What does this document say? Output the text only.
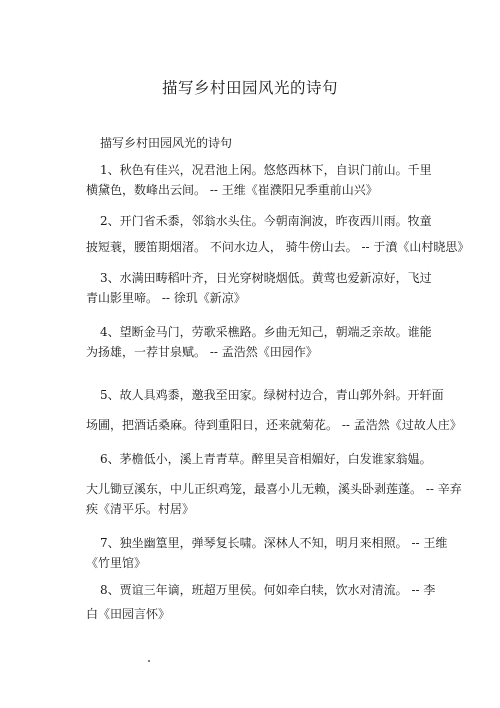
描写乡村田园风光的诗句
描写乡村田园风光的诗句
1、秋色有佳兴，况君池上闲。悠悠西林下，自识门前山。千里
横黛色，数峰出云间。 -- 王维《崔濮阳兄季重前山兴》
2、开门省禾黍，邻翁水头住。今朝南涧波，昨夜西川雨。牧童
披短蓑，腰笛期烟渚。 不问水边人， 骑牛傍山去。 -- 于濆《山村晓思》
3、水满田畴稻叶齐，日光穿树晓烟低。黄莺也爱新凉好，飞过
青山影里啼。 -- 徐玑《新凉》
4、望断金马门，劳歌采樵路。乡曲无知己，朝端乏亲故。谁能
为扬雄，一荐甘泉赋。 -- 孟浩然《田园作》
5、故人具鸡黍，邀我至田家。绿树村边合，青山郭外斜。开轩面
场圃，把酒话桑麻。待到重阳日，还来就菊花。 -- 孟浩然《过故人庄》
6、茅檐低小，溪上青青草。醉里吴音相媚好，白发谁家翁媪。
大儿锄豆溪东，中儿正织鸡笼，最喜小儿无赖，溪头卧剥莲蓬。 -- 辛弃
疾《清平乐。村居》
7、独坐幽篁里，弹琴复长啸。深林人不知，明月来相照。 -- 王维
《竹里馆》
8、贾谊三年谪，班超万里侯。何如牵白犊，饮水对清流。 -- 李
白《田园言怀》
